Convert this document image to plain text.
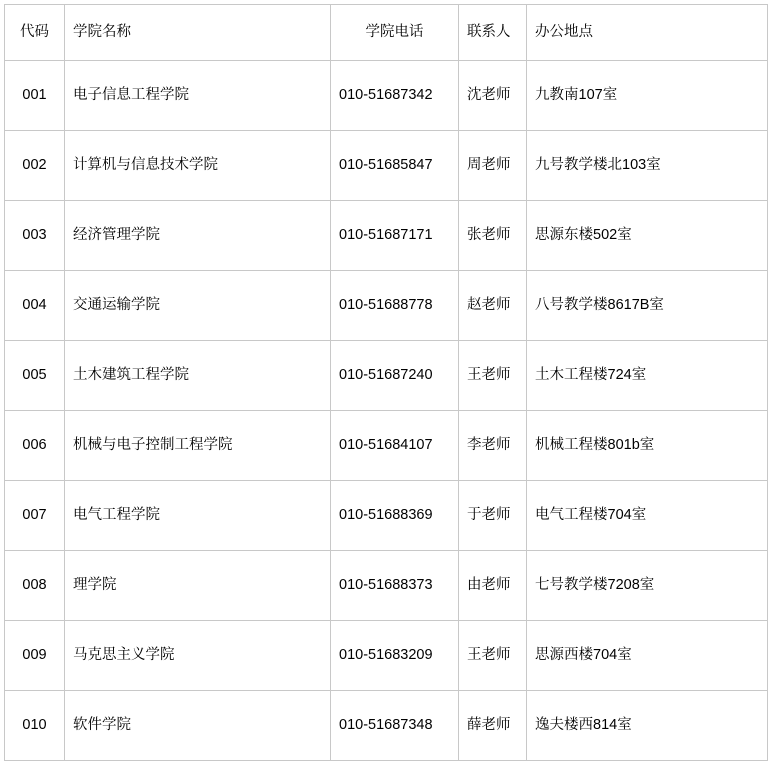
代码	学院名称	学院电话	联系人	办公地点
001	电子信息工程学院	010-51687342	沈老师	九教南107室
002	计算机与信息技术学院	010-51685847	周老师	九号教学楼北103室
003	经济管理学院	010-51687171	张老师	思源东楼502室
004	交通运输学院	010-51688778	赵老师	八号教学楼8617B室
005	土木建筑工程学院	010-51687240	王老师	土木工程楼724室
006	机械与电子控制工程学院	010-51684107	李老师	机械工程楼801b室
007	电气工程学院	010-51688369	于老师	电气工程楼704室
008	理学院	010-51688373	由老师	七号教学楼7208室
009	马克思主义学院	010-51683209	王老师	思源西楼704室
010	软件学院	010-51687348	薛老师	逸夫楼西814室
